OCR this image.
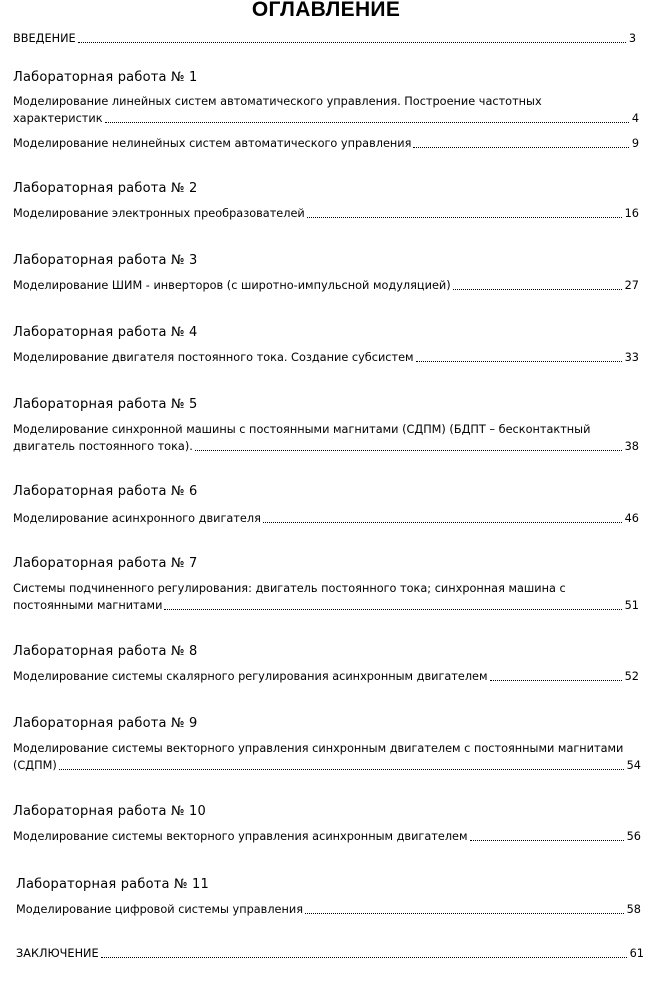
ОГЛАВЛЕНИЕ
ВВЕДЕНИЕ	3
Лабораторная работа № 1
Моделирование линейных систем автоматического управления. Построение частотных
характеристик	4
Моделирование нелинейных систем автоматического управления	9
Лабораторная работа № 2
Моделирование электронных преобразователей	16
Лабораторная работа № 3
Моделирование ШИМ - инверторов (с широтно-импульсной модуляцией)	27
Лабораторная работа № 4
Моделирование двигателя постоянного тока. Создание субсистем	33
Лабораторная работа № 5
Моделирование синхронной машины с постоянными магнитами (СДПМ) (БДПТ – бесконтактный
двигатель постоянного тока).	38
Лабораторная работа № 6
Моделирование асинхронного двигателя	46
Лабораторная работа № 7
Системы подчиненного регулирования: двигатель постоянного тока; синхронная машина с
постоянными магнитами	51
Лабораторная работа № 8
Моделирование системы скалярного регулирования асинхронным двигателем	52
Лабораторная работа № 9
Моделирование системы векторного управления синхронным двигателем с постоянными магнитами
(СДПМ)	54
Лабораторная работа № 10
Моделирование системы векторного управления асинхронным двигателем	56
Лабораторная работа № 11
Моделирование цифровой системы управления	58
ЗАКЛЮЧЕНИЕ	61
